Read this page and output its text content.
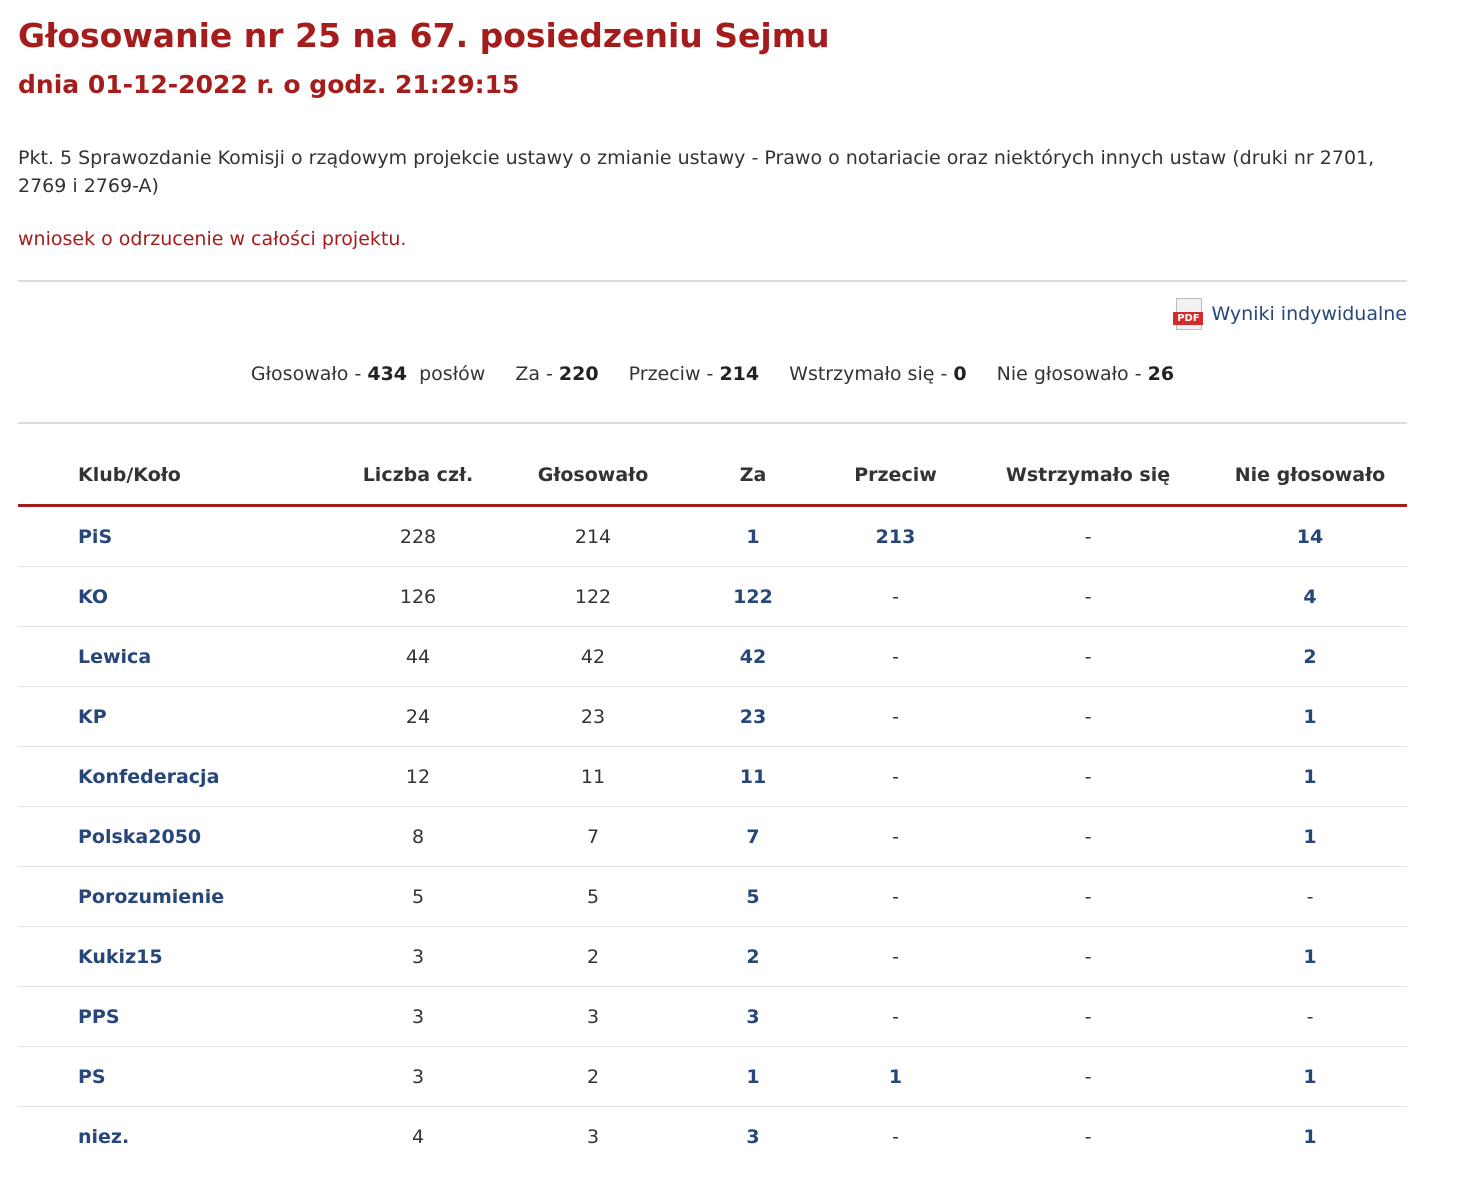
Głosowanie nr 25 na 67. posiedzeniu Sejmu
dnia 01-12-2022 r. o godz. 21:29:15

Pkt. 5 Sprawozdanie Komisji o rządowym projekcie ustawy o zmianie ustawy - Prawo o notariacie oraz niektórych innych ustaw (druki nr 2701, 2769 i 2769-A)

wniosek o odrzucenie w całości projektu.

PDF Wyniki indywidualne
Głosowało - 434 posłów Za - 220 Przeciw - 214 Wstrzymało się - 0 Nie głosowało - 26
Klub/Koło	Liczba czł.	Głosowało	Za	Przeciw	Wstrzymało się	Nie głosowało
PiS	228	214	1	213	-	14
KO	126	122	122	-	-	4
Lewica	44	42	42	-	-	2
KP	24	23	23	-	-	1
Konfederacja	12	11	11	-	-	1
Polska2050	8	7	7	-	-	1
Porozumienie	5	5	5	-	-	-
Kukiz15	3	2	2	-	-	1
PPS	3	3	3	-	-	-
PS	3	2	1	1	-	1
niez.	4	3	3	-	-	1
